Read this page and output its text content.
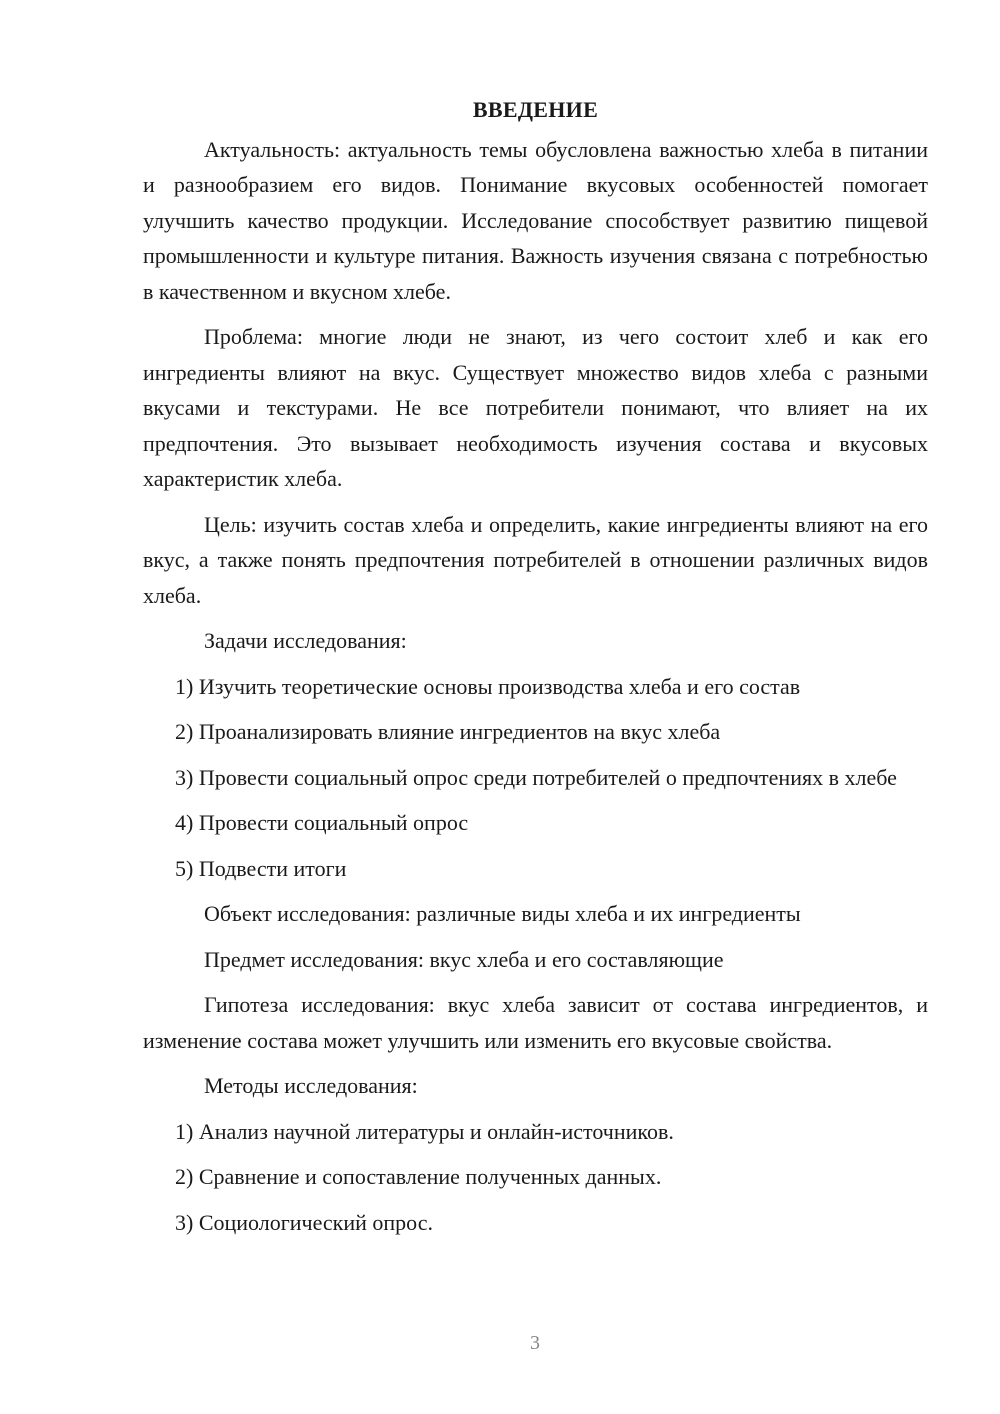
ВВЕДЕНИЕ

Актуальность: актуальность темы обусловлена важностью хлеба в питании и разнообразием его видов. Понимание вкусовых особенностей помогает улучшить качество продукции. Исследование способствует развитию пищевой промышленности и культуре питания. Важность изучения связана с потребностью в качественном и вкусном хлебе.

Проблема: многие люди не знают, из чего состоит хлеб и как его ингредиенты влияют на вкус. Существует множество видов хлеба с разными вкусами и текстурами. Не все потребители понимают, что влияет на их предпочтения. Это вызывает необходимость изучения состава и вкусовых характеристик хлеба.

Цель: изучить состав хлеба и определить, какие ингредиенты влияют на его вкус, а также понять предпочтения потребителей в отношении различных видов хлеба.

Задачи исследования:

1) Изучить теоретические основы производства хлеба и его состав

2) Проанализировать влияние ингредиентов на вкус хлеба

3) Провести социальный опрос среди потребителей о предпочтениях в хлебе

4) Провести социальный опрос

5) Подвести итоги

Объект исследования: различные виды хлеба и их ингредиенты

Предмет исследования: вкус хлеба и его составляющие

Гипотеза исследования: вкус хлеба зависит от состава ингредиентов, и изменение состава может улучшить или изменить его вкусовые свойства.

Методы исследования:

1) Анализ научной литературы и онлайн-источников.

2) Сравнение и сопоставление полученных данных.

3) Социологический опрос.

3
